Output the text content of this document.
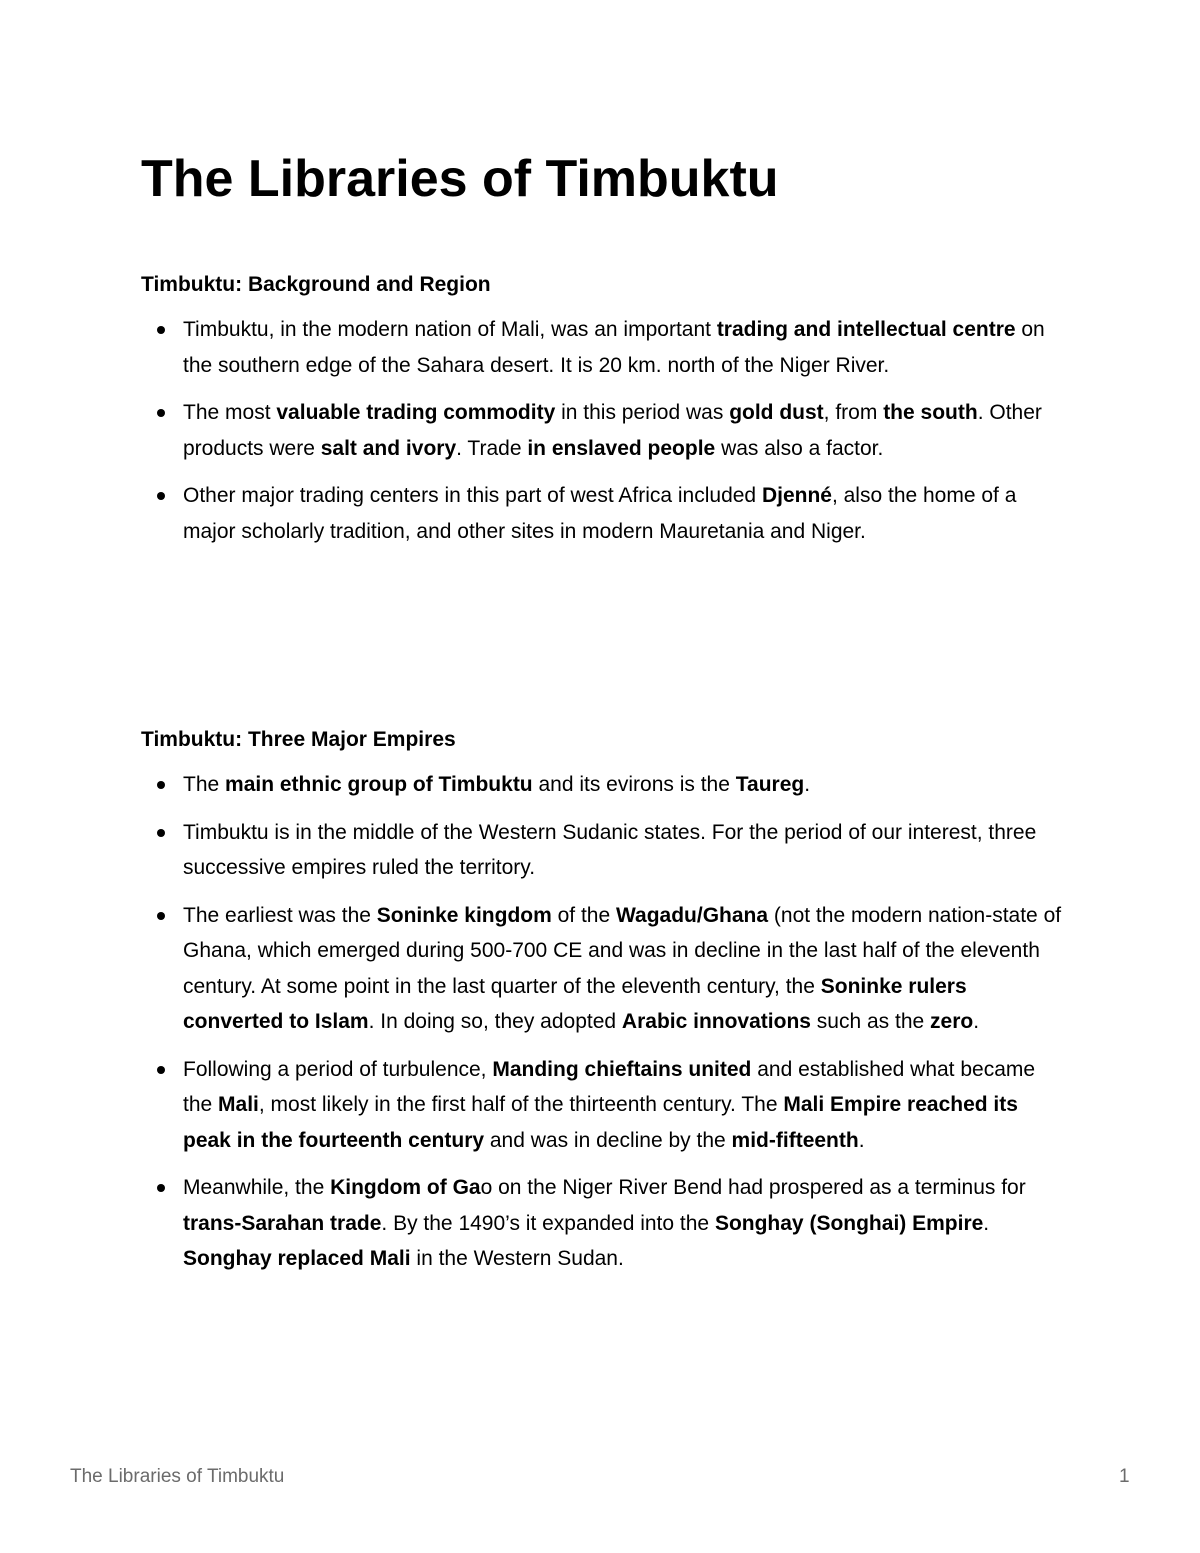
The Libraries of Timbuktu
Timbuktu: Background and Region
Timbuktu, in the modern nation of Mali, was an important trading and intellectual centre on the southern edge of the Sahara desert. It is 20 km. north of the Niger River.
The most valuable trading commodity in this period was gold dust, from the south. Other products were salt and ivory. Trade in enslaved people was also a factor.
Other major trading centers in this part of west Africa included Djenné, also the home of a major scholarly tradition, and other sites in modern Mauretania and Niger.
Timbuktu: Three Major Empires
The main ethnic group of Timbuktu and its evirons is the Taureg.
Timbuktu is in the middle of the Western Sudanic states. For the period of our interest, three successive empires ruled the territory.
The earliest was the Soninke kingdom of the Wagadu/Ghana (not the modern nation-state of Ghana, which emerged during 500-700 CE and was in decline in the last half of the eleventh century. At some point in the last quarter of the eleventh century, the Soninke rulers converted to Islam. In doing so, they adopted Arabic innovations such as the zero.
Following a period of turbulence, Manding chieftains united and established what became the Mali, most likely in the first half of the thirteenth century. The Mali Empire reached its peak in the fourteenth century and was in decline by the mid-fifteenth.
Meanwhile, the Kingdom of Gao on the Niger River Bend had prospered as a terminus for trans-Sarahan trade. By the 1490’s it expanded into the Songhay (Songhai) Empire. Songhay replaced Mali in the Western Sudan.
The Libraries of Timbuktu	1
